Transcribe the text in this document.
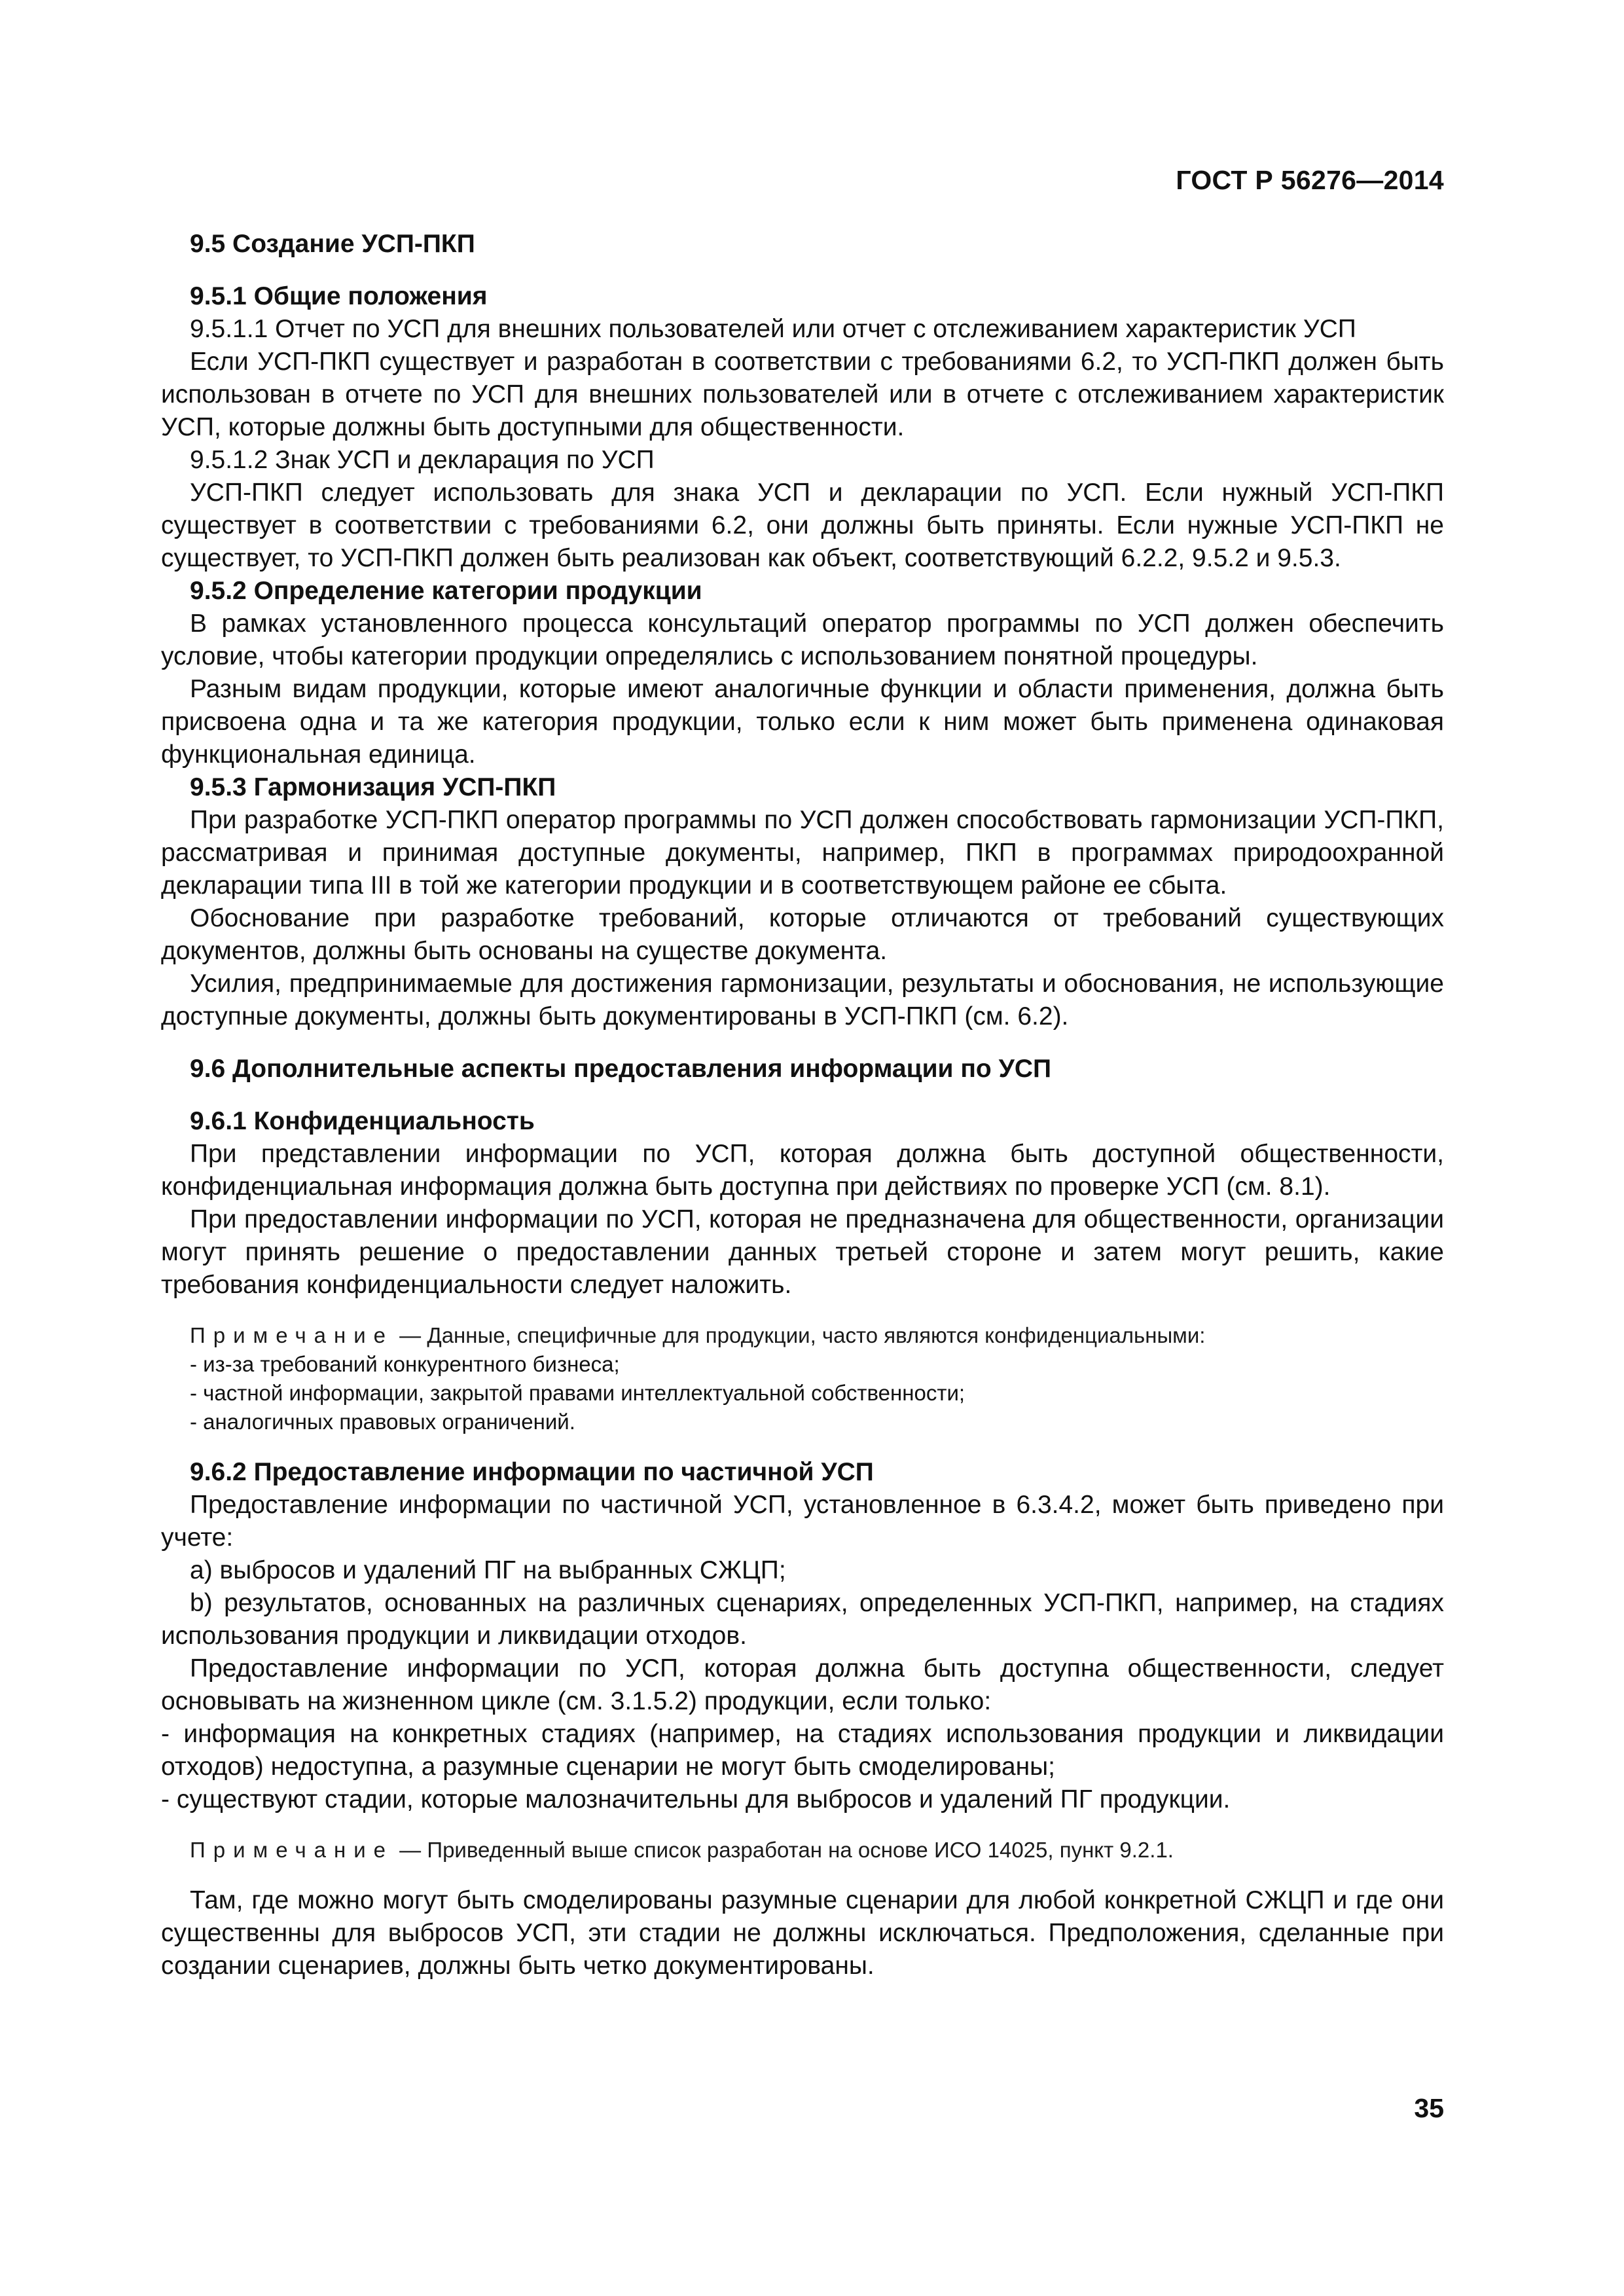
ГОСТ Р 56276—2014

9.5 Создание УСП-ПКП

9.5.1 Общие положения

9.5.1.1 Отчет по УСП для внешних пользователей или отчет с отслеживанием характеристик УСП

Если УСП-ПКП существует и разработан в соответствии с требованиями 6.2, то УСП-ПКП должен быть использован в отчете по УСП для внешних пользователей или в отчете с отслеживанием характеристик УСП, которые должны быть доступными для общественности.

9.5.1.2 Знак УСП и декларация по УСП

УСП-ПКП следует использовать для знака УСП и декларации по УСП. Если нужный УСП-ПКП существует в соответствии с требованиями 6.2, они должны быть приняты. Если нужные УСП-ПКП не существует, то УСП-ПКП должен быть реализован как объект, соответствующий 6.2.2, 9.5.2 и 9.5.3.

9.5.2 Определение категории продукции

В рамках установленного процесса консультаций оператор программы по УСП должен обеспечить условие, чтобы категории продукции определялись с использованием понятной процедуры.

Разным видам продукции, которые имеют аналогичные функции и области применения, должна быть присвоена одна и та же категория продукции, только если к ним может быть применена одинаковая функциональная единица.

9.5.3 Гармонизация УСП-ПКП

При разработке УСП-ПКП оператор программы по УСП должен способствовать гармонизации УСП-ПКП, рассматривая и принимая доступные документы, например, ПКП в программах природоохранной декларации типа III в той же категории продукции и в соответствующем районе ее сбыта.

Обоснование при разработке требований, которые отличаются от требований существующих документов, должны быть основаны на существе документа.

Усилия, предпринимаемые для достижения гармонизации, результаты и обоснования, не использующие доступные документы, должны быть документированы в УСП-ПКП (см. 6.2).

9.6 Дополнительные аспекты предоставления информации по УСП

9.6.1 Конфиденциальность

При представлении информации по УСП, которая должна быть доступной общественности, конфиденциальная информация должна быть доступна при действиях по проверке УСП (см. 8.1).

При предоставлении информации по УСП, которая не предназначена для общественности, организации могут принять решение о предоставлении данных третьей стороне и затем могут решить, какие требования конфиденциальности следует наложить.

Примечание — Данные, специфичные для продукции, часто являются конфиденциальными:

- из-за требований конкурентного бизнеса;

- частной информации, закрытой правами интеллектуальной собственности;

- аналогичных правовых ограничений.

9.6.2 Предоставление информации по частичной УСП

Предоставление информации по частичной УСП, установленное в 6.3.4.2, может быть приведено при учете:

a) выбросов и удалений ПГ на выбранных СЖЦП;

b) результатов, основанных на различных сценариях, определенных УСП-ПКП, например, на стадиях использования продукции и ликвидации отходов.

Предоставление информации по УСП, которая должна быть доступна общественности, следует основывать на жизненном цикле (см. 3.1.5.2) продукции, если только:

- информация на конкретных стадиях (например, на стадиях использования продукции и ликвидации отходов) недоступна, а разумные сценарии не могут быть смоделированы;

- существуют стадии, которые малозначительны для выбросов и удалений ПГ продукции.

Примечание — Приведенный выше список разработан на основе ИСО 14025, пункт 9.2.1.

Там, где можно могут быть смоделированы разумные сценарии для любой конкретной СЖЦП и где они существенны для выбросов УСП, эти стадии не должны исключаться. Предположения, сделанные при создании сценариев, должны быть четко документированы.

35
